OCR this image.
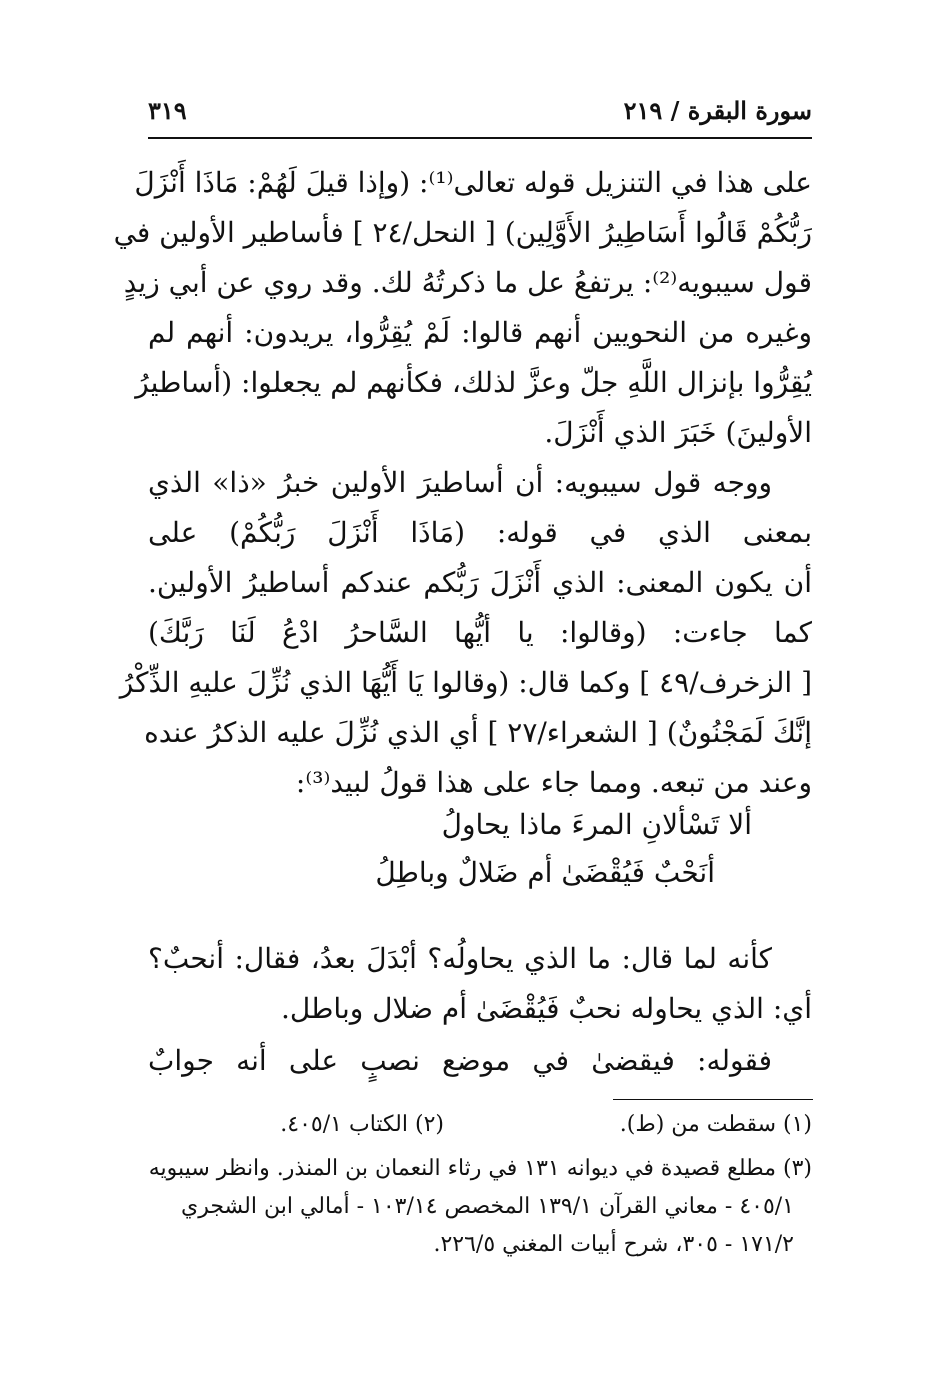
سورة البقرة / ٢١٩
٣١٩
على هذا في التنزيل قوله تعالى⁽¹⁾: (وإذا قيلَ لَهُمْ: مَاذَا أَنْزَلَ
رَبُّكُمْ قَالُوا أَسَاطِيرُ الأَوَّلِين) [ النحل/٢٤ ] فأساطير الأولين في
قول سيبويه⁽²⁾: يرتفعُ عل ما ذكرتُهُ لك. وقد روي عن أبي زيدٍ
وغيره من النحويين أنهم قالوا: لَمْ يُقِرُّوا، يريدون: أنهم لم
يُقِرُّوا بإنزال اللَّهِ جلّ وعزَّ لذلك، فكأنهم لم يجعلوا: (أساطيرُ
الأولينَ) خَبَرَ الذي أَنْزَلَ.
ووجه قول سيبويه: أن أساطيرَ الأولين خبرُ «ذا» الذي
بمعنى الذي في قوله: (مَاذَا أَنْزَلَ رَبُّكُمْ) على
أن يكون المعنى: الذي أَنْزَلَ رَبُّكم عندكم أساطيرُ الأولين.
كما جاءت: (وقالوا: يا أيُّها السَّاحرُ ادْعُ لَنَا رَبَّكَ)
[ الزخرف/٤٩ ] وكما قال: (وقالوا يَا أَيُّهَا الذي نُزِّلَ عليهِ الذِّكْرُ
إنَّكَ لَمَجْنُونٌ) [ الشعراء/٢٧ ] أي الذي نُزِّلَ عليه الذكرُ عنده
وعند من تبعه. ومما جاء على هذا قولُ لبيد⁽³⁾:
ألا تَسْألانِ المرءَ ماذا يحاولُ
أنَحْبٌ فَيُقْضَىٰ أم ضَلالٌ وباطِلُ
كأنه لما قال: ما الذي يحاولُه؟ أبْدَلَ بعدُ، فقال: أنحبٌ؟
أي: الذي يحاوله نحبٌ فَيُقْضَىٰ أم ضلال وباطل.
فقوله: فيقضىٰ في موضع نصبٍ على أنه جوابٌ
(١) سقطت من (ط).
(٢) الكتاب ٤٠٥/١.
(٣) مطلع قصيدة في ديوانه ١٣١ في رثاء النعمان بن المنذر. وانظر سيبويه
٤٠٥/١ - معاني القرآن ١٣٩/١ المخصص ١٠٣/١٤ - أمالي ابن الشجري
١٧١/٢ - ٣٠٥، شرح أبيات المغني ٢٢٦/٥.
